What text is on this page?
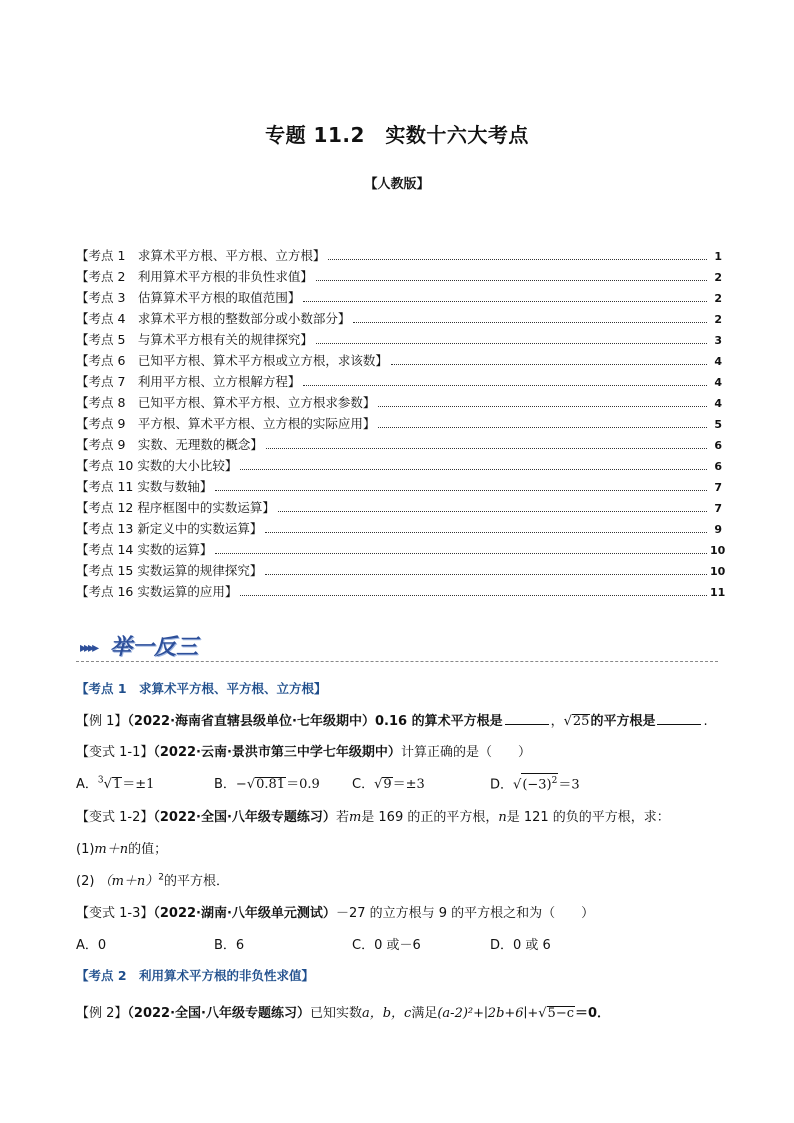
专题 11.2　实数十六大考点
【人教版】
【考点 1　求算术平方根、平方根、立方根】	1
【考点 2　利用算术平方根的非负性求值】	2
【考点 3　估算算术平方根的取值范围】	2
【考点 4　求算术平方根的整数部分或小数部分】	2
【考点 5　与算术平方根有关的规律探究】	3
【考点 6　已知平方根、算术平方根或立方根，求该数】	4
【考点 7　利用平方根、立方根解方程】	4
【考点 8　已知平方根、算术平方根、立方根求参数】	4
【考点 9　平方根、算术平方根、立方根的实际应用】	5
【考点 9　实数、无理数的概念】	6
【考点 10 实数的大小比较】	6
【考点 11 实数与数轴】	7
【考点 12 程序框图中的实数运算】	7
【考点 13 新定义中的实数运算】	9
【考点 14 实数的运算】	10
【考点 15 实数运算的规律探究】	10
【考点 16 实数运算的应用】	11
▸▸▸▸ 举一反三
【考点 1　求算术平方根、平方根、立方根】
【例 1】（2022·海南省直辖县级单位·七年级期中）0.16 的算术平方根是	，√25的平方根是	.
【变式 1-1】（2022·云南·景洪市第三中学七年级期中）计算正确的是（　　）
A．$^3$√1＝±1	B．−√0.81＝0.9	C．√9＝±3	D．$√(-3)^2=3$
【变式 1-2】（2022·全国·八年级专题练习）若m是 169 的正的平方根，n是 121 的负的平方根，求：
(1)m＋n的值；
(2) $(m+n)^2$的平方根．
【变式 1-3】（2022·湖南·八年级单元测试）－27 的立方根与 9 的平方根之和为（　　）
A．0	B．6	C．0 或－6	D．0 或 6
【考点 2　利用算术平方根的非负性求值】
【例 2】（2022·全国·八年级专题练习）已知实数a，b，c满足(a-2)²+∣2b+6∣+√5−c＝0．
